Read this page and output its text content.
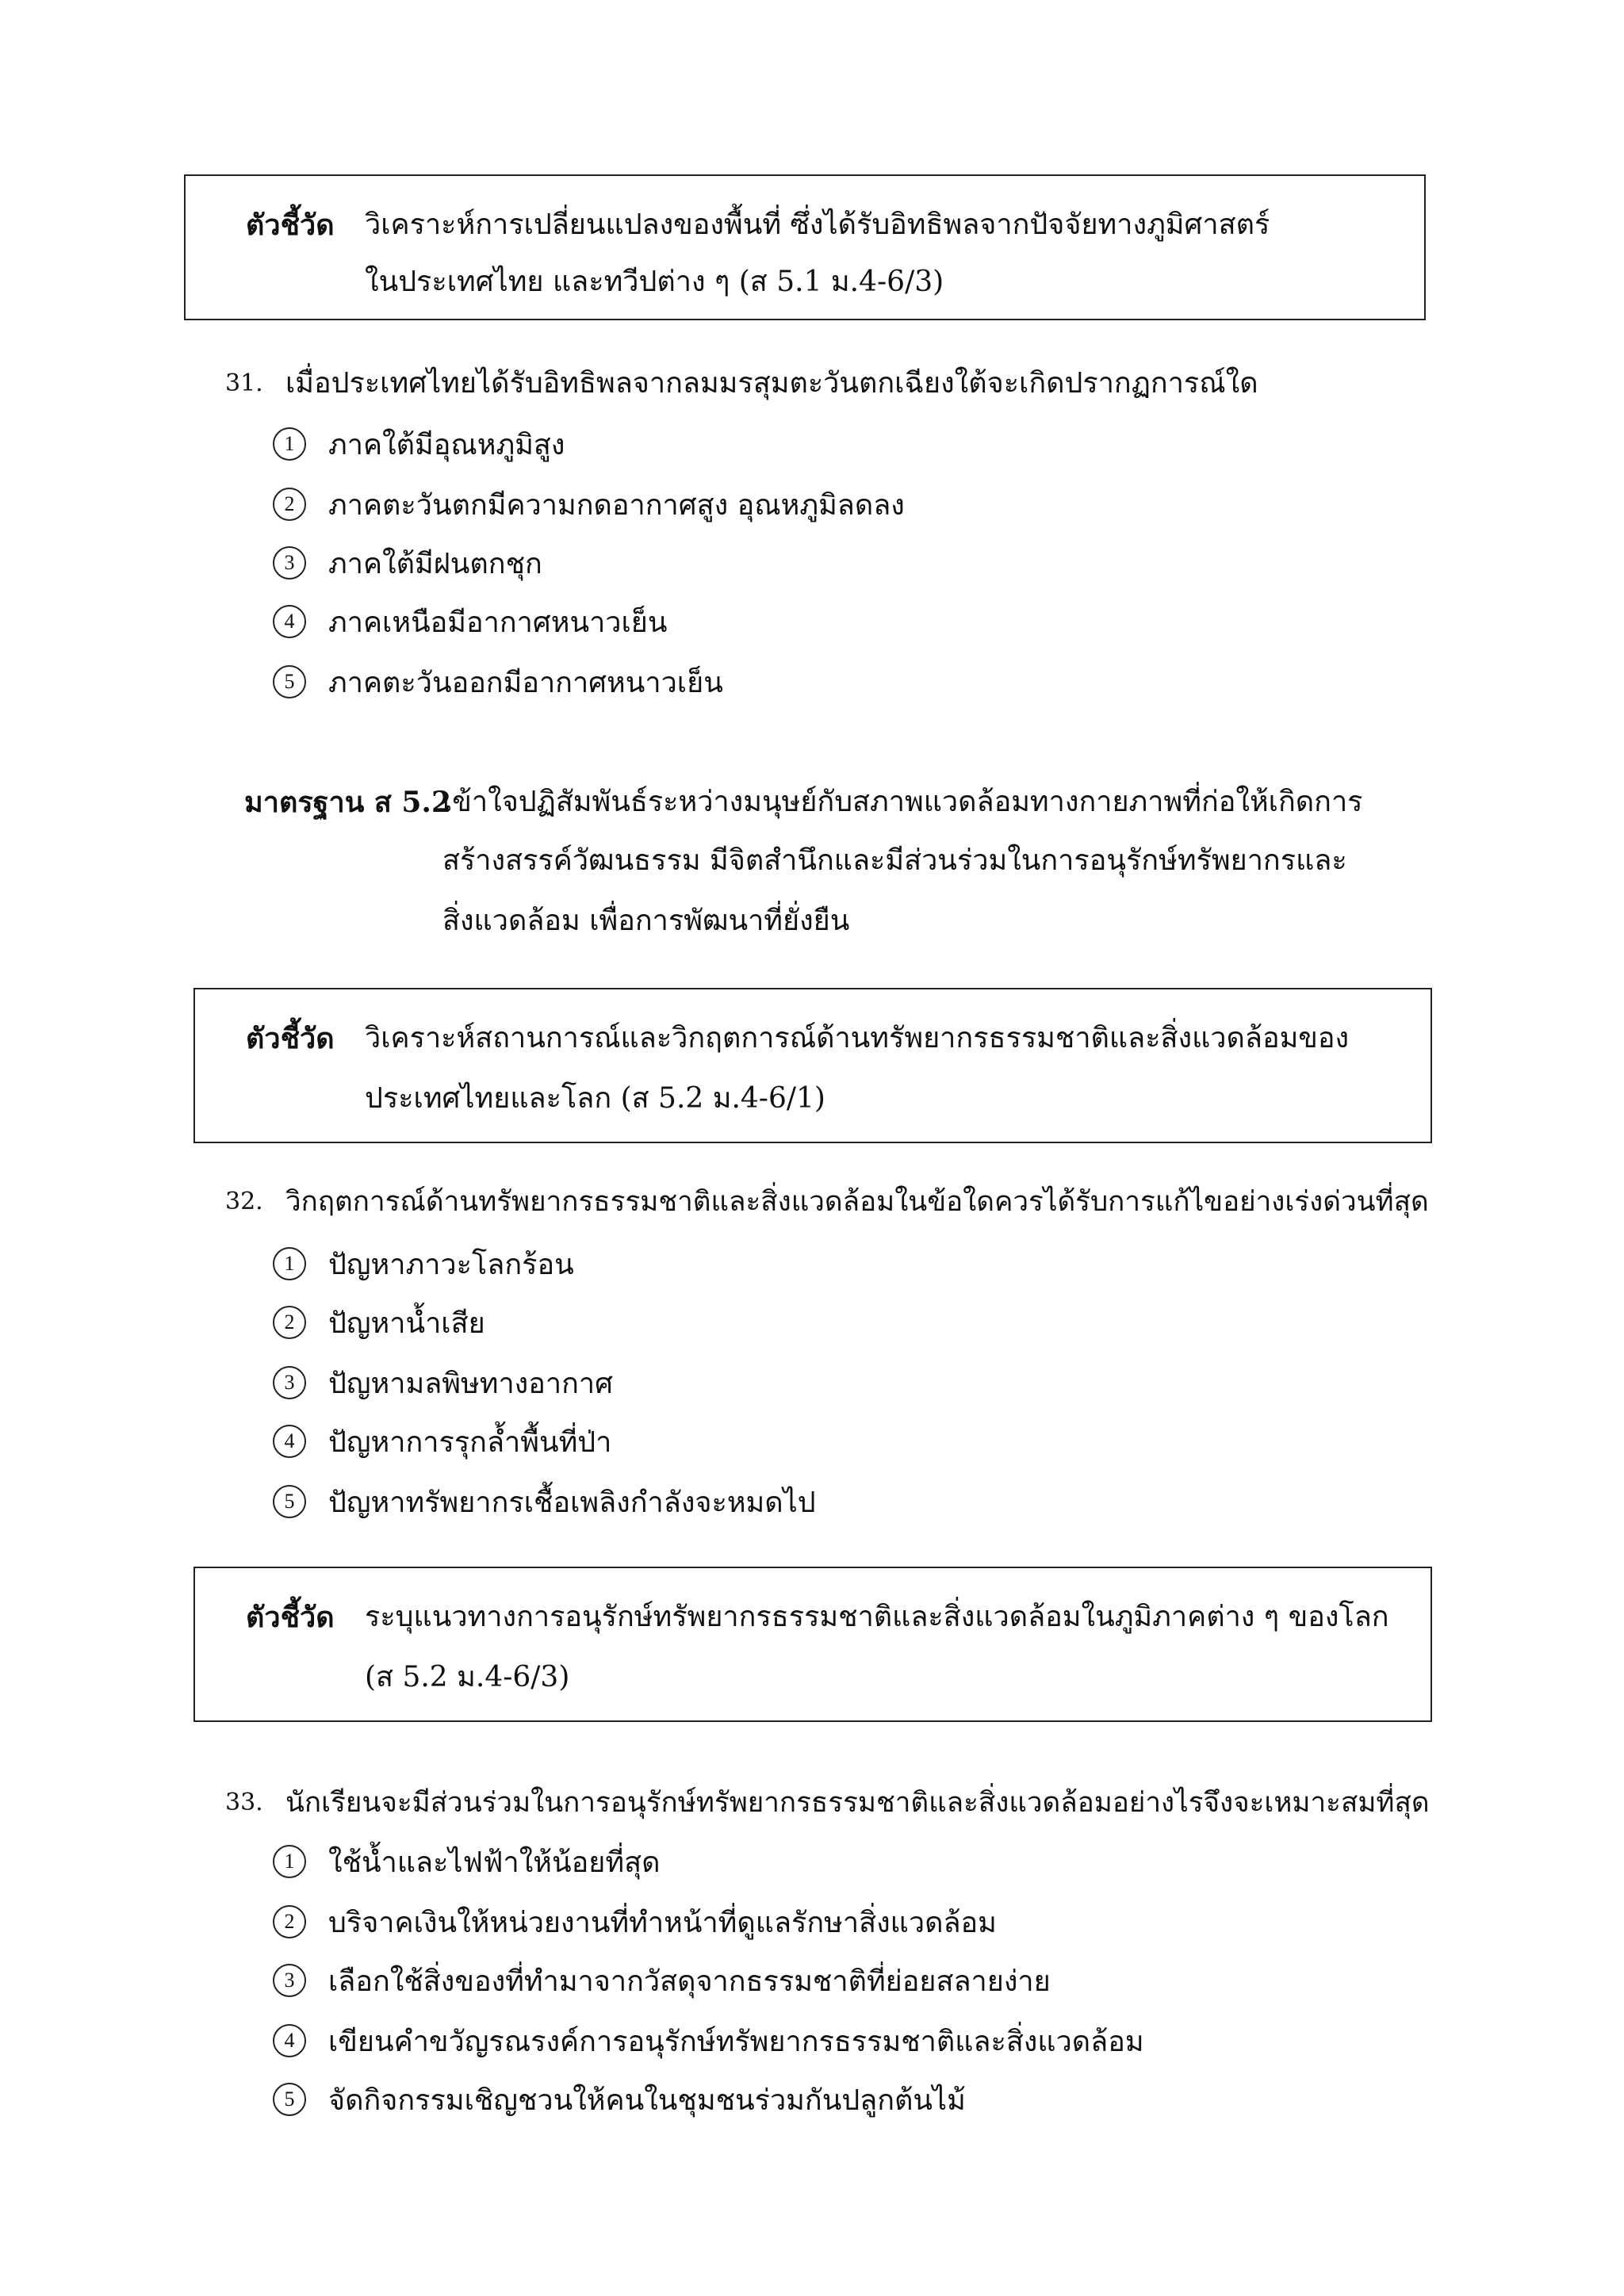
ตัวชี้วัด วิเคราะห์การเปลี่ยนแปลงของพื้นที่ ซึ่งได้รับอิทธิพลจากปัจจัยทางภูมิศาสตร์
ในประเทศไทย และทวีปต่าง ๆ (ส 5.1 ม.4-6/3)
31. เมื่อประเทศไทยได้รับอิทธิพลจากลมมรสุมตะวันตกเฉียงใต้จะเกิดปรากฏการณ์ใด
1	ภาคใต้มีอุณหภูมิสูง
2	ภาคตะวันตกมีความกดอากาศสูง อุณหภูมิลดลง
3	ภาคใต้มีฝนตกชุก
4	ภาคเหนือมีอากาศหนาวเย็น
5	ภาคตะวันออกมีอากาศหนาวเย็น
มาตรฐาน ส 5.2
เข้าใจปฏิสัมพันธ์ระหว่างมนุษย์กับสภาพแวดล้อมทางกายภาพที่ก่อให้เกิดการ
สร้างสรรค์วัฒนธรรม มีจิตสำนึกและมีส่วนร่วมในการอนุรักษ์ทรัพยากรและ
สิ่งแวดล้อม เพื่อการพัฒนาที่ยั่งยืน
ตัวชี้วัด วิเคราะห์สถานการณ์และวิกฤตการณ์ด้านทรัพยากรธรรมชาติและสิ่งแวดล้อมของ
ประเทศไทยและโลก (ส 5.2 ม.4-6/1)
32. วิกฤตการณ์ด้านทรัพยากรธรรมชาติและสิ่งแวดล้อมในข้อใดควรได้รับการแก้ไขอย่างเร่งด่วนที่สุด
1	ปัญหาภาวะโลกร้อน
2	ปัญหาน้ำเสีย
3	ปัญหามลพิษทางอากาศ
4	ปัญหาการรุกล้ำพื้นที่ป่า
5	ปัญหาทรัพยากรเชื้อเพลิงกำลังจะหมดไป
ตัวชี้วัด ระบุแนวทางการอนุรักษ์ทรัพยากรธรรมชาติและสิ่งแวดล้อมในภูมิภาคต่าง ๆ ของโลก
(ส 5.2 ม.4-6/3)
33. นักเรียนจะมีส่วนร่วมในการอนุรักษ์ทรัพยากรธรรมชาติและสิ่งแวดล้อมอย่างไรจึงจะเหมาะสมที่สุด
1	ใช้น้ำและไฟฟ้าให้น้อยที่สุด
2	บริจาคเงินให้หน่วยงานที่ทำหน้าที่ดูแลรักษาสิ่งแวดล้อม
3	เลือกใช้สิ่งของที่ทำมาจากวัสดุจากธรรมชาติที่ย่อยสลายง่าย
4	เขียนคำขวัญรณรงค์การอนุรักษ์ทรัพยากรธรรมชาติและสิ่งแวดล้อม
5	จัดกิจกรรมเชิญชวนให้คนในชุมชนร่วมกันปลูกต้นไม้
